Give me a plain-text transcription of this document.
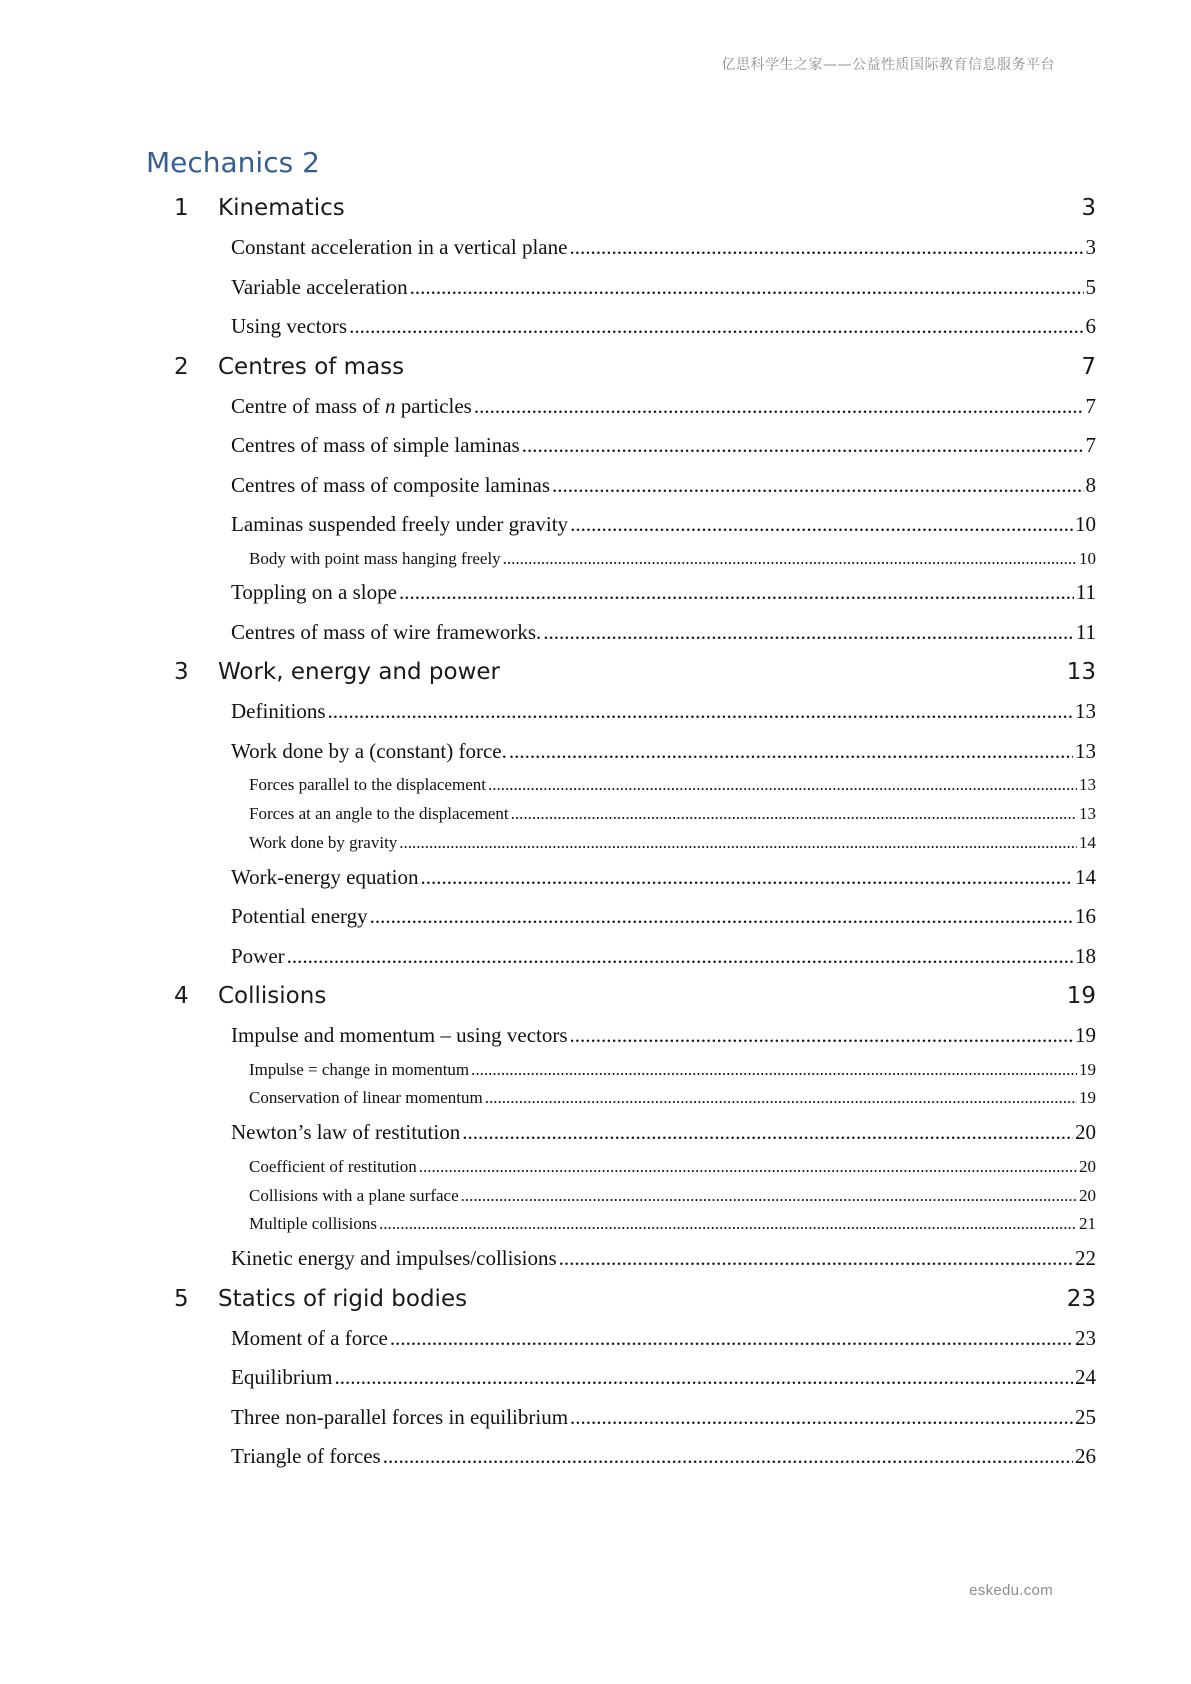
亿思科学生之家——公益性质国际教育信息服务平台
Mechanics 2
1	Kinematics	3
Constant acceleration in a vertical plane .....	3
Variable acceleration .....	5
Using vectors .....	6
2	Centres of mass	7
Centre of mass of n particles .....	7
Centres of mass of simple laminas .....	7
Centres of mass of composite laminas .....	8
Laminas suspended freely under gravity .....	10
Body with point mass hanging freely .....	10
Toppling on a slope .....	11
Centres of mass of wire frameworks. .....	11
3	Work, energy and power	13
Definitions .....	13
Work done by a (constant) force. .....	13
Forces parallel to the displacement .....	13
Forces at an angle to the displacement .....	13
Work done by gravity .....	14
Work-energy equation .....	14
Potential energy .....	16
Power .....	18
4	Collisions	19
Impulse and momentum – using vectors .....	19
Impulse = change in momentum .....	19
Conservation of linear momentum .....	19
Newton’s law of restitution .....	20
Coefficient of restitution .....	20
Collisions with a plane surface .....	20
Multiple collisions .....	21
Kinetic energy and impulses/collisions .....	22
5	Statics of rigid bodies	23
Moment of a force .....	23
Equilibrium .....	24
Three non-parallel forces in equilibrium .....	25
Triangle of forces .....	26
eskedu.com
